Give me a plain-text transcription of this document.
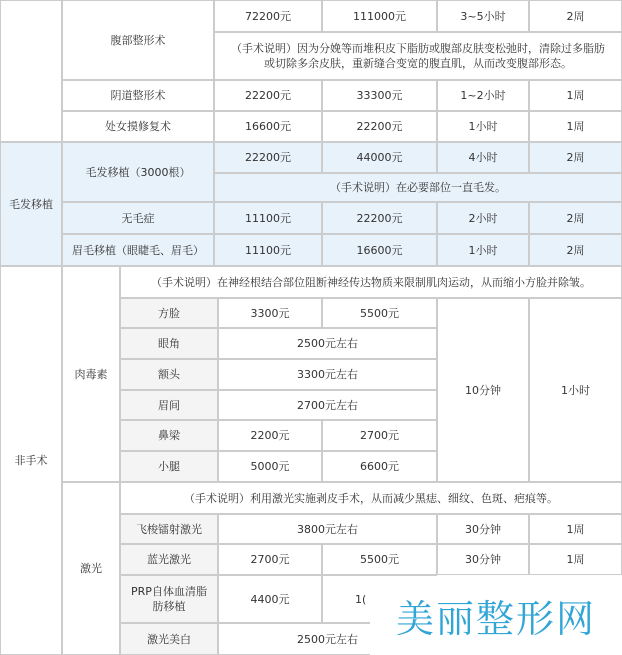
腹部整形术
72200元	111000元	3~5小时	2周
（手术说明）因为分娩等而堆积皮下脂肪或腹部皮肤变松弛时，清除过多脂肪或切除多余皮肤，重新缝合变宽的腹直肌，从而改变腹部形态。
阴道整形术	22200元	33300元	1~2小时	1周
处女摸修复术	16600元	22200元	1小时	1周
毛发移植
毛发移植（3000根）
22200元	44000元	4小时	2周
（手术说明）在必要部位一直毛发。
无毛症	11100元	22200元	2小时	2周
眉毛移植（眼睫毛、眉毛）	11100元	16600元	1小时	2周
非手术
肉毒素
（手术说明）在神经根结合部位阻断神经传达物质来限制肌肉运动，从而缩小方脸并除皱。
方脸	3300元	5500元
10分钟	1小时
眼角	2500元左右
额头	3300元左右
眉间	2700元左右
鼻梁	2200元	2700元
小腿	5000元	6600元
激光
（手术说明）利用激光实施剥皮手术，从而减少黑痣、细纹、色斑、疤痕等。
飞梭镭射激光	3800元左右	30分钟	1周
蓝光激光	2700元	5500元	30分钟	1周
PRP自体血清脂肪移植
4400元	1(
激光美白	2500元左右 美丽整形网
